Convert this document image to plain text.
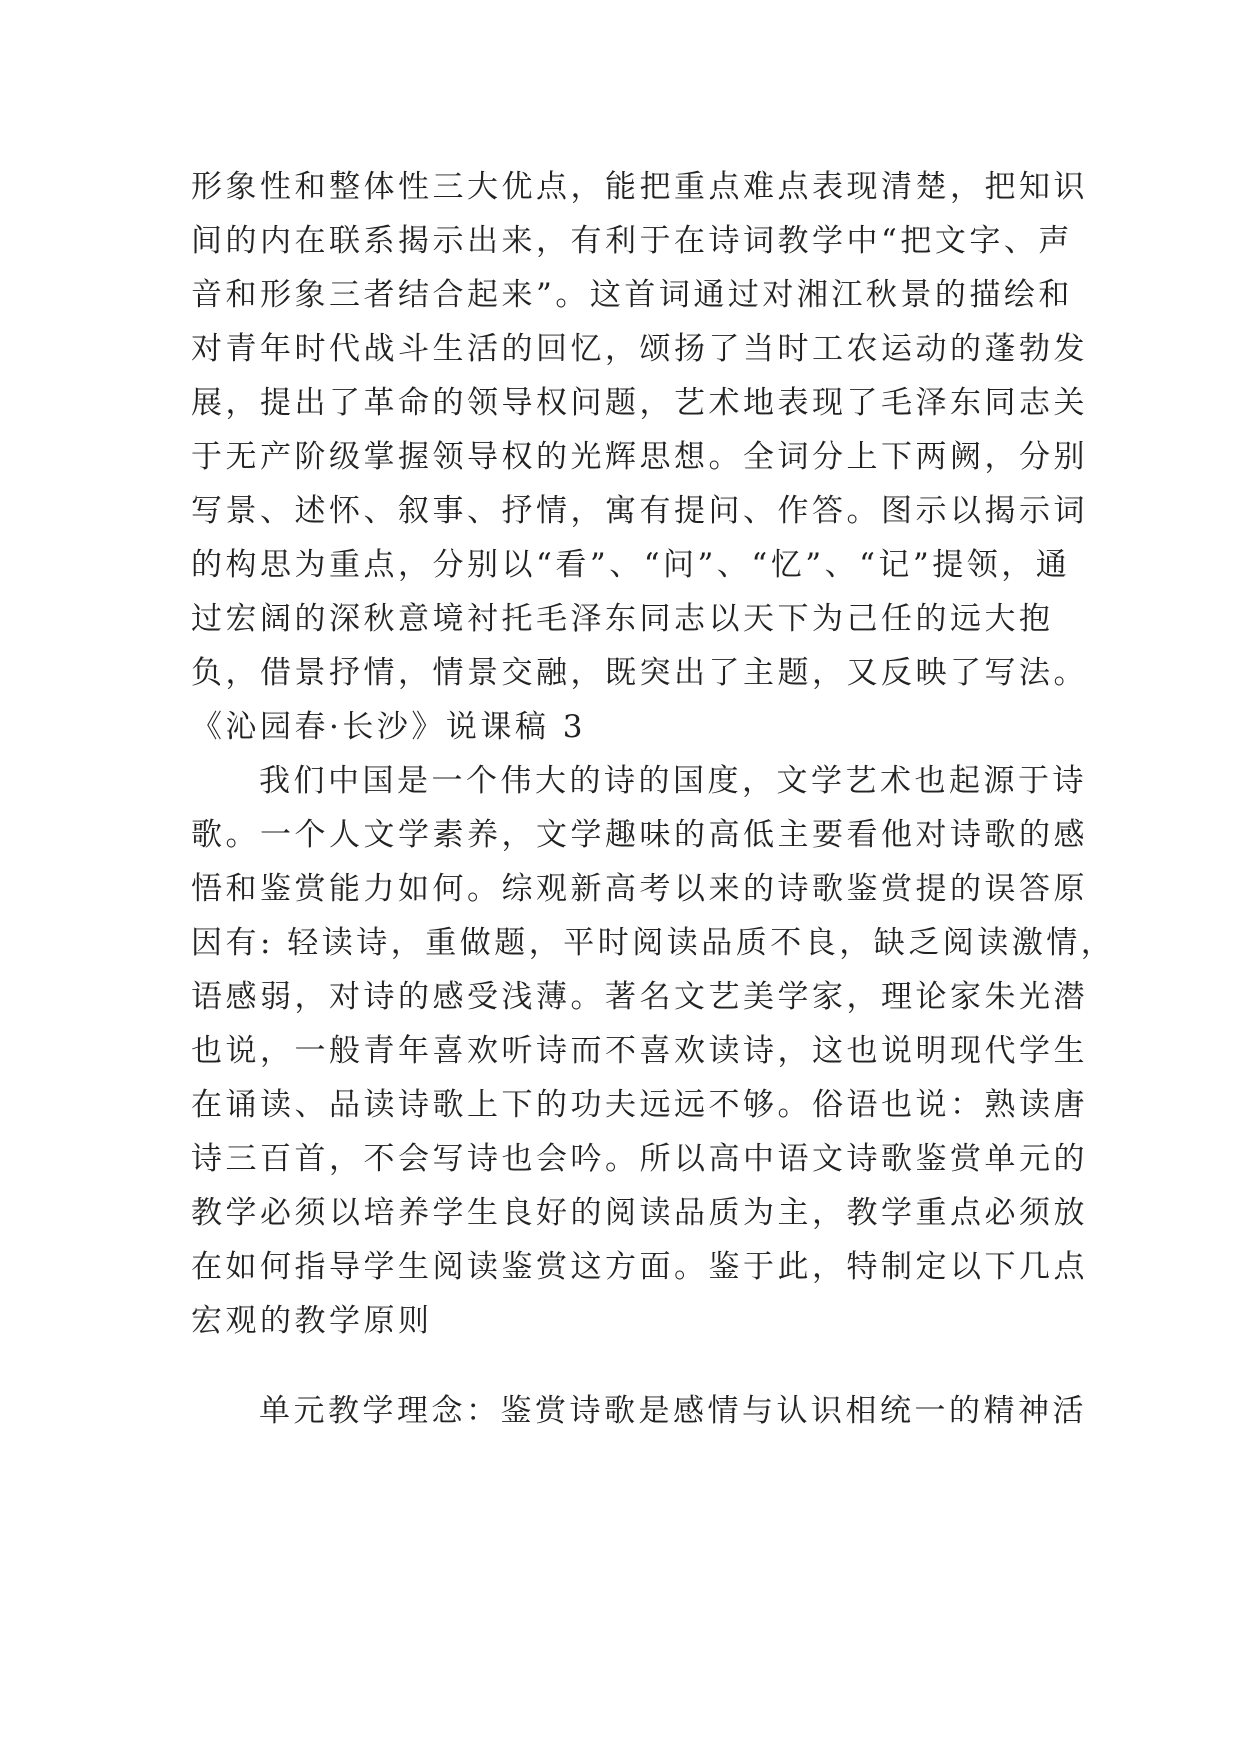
形象性和整体性三大优点，能把重点难点表现清楚，把知识
间的内在联系揭示出来，有利于在诗词教学中“把文字、声
音和形象三者结合起来”。这首词通过对湘江秋景的描绘和
对青年时代战斗生活的回忆，颂扬了当时工农运动的蓬勃发
展，提出了革命的领导权问题，艺术地表现了毛泽东同志关
于无产阶级掌握领导权的光辉思想。全词分上下两阙，分别
写景、述怀、叙事、抒情，寓有提问、作答。图示以揭示词
的构思为重点，分别以“看”、“问”、“忆”、“记”提领，通
过宏阔的深秋意境衬托毛泽东同志以天下为己任的远大抱
负，借景抒情，情景交融，既突出了主题，又反映了写法。
《沁园春·长沙》说课稿 3
我们中国是一个伟大的诗的国度，文学艺术也起源于诗
歌。一个人文学素养，文学趣味的高低主要看他对诗歌的感
悟和鉴赏能力如何。综观新高考以来的诗歌鉴赏提的误答原
因有: 轻读诗，重做题，平时阅读品质不良，缺乏阅读激情，
语感弱，对诗的感受浅薄。著名文艺美学家，理论家朱光潜
也说，一般青年喜欢听诗而不喜欢读诗，这也说明现代学生
在诵读、品读诗歌上下的功夫远远不够。俗语也说：熟读唐
诗三百首，不会写诗也会吟。所以高中语文诗歌鉴赏单元的
教学必须以培养学生良好的阅读品质为主，教学重点必须放
在如何指导学生阅读鉴赏这方面。鉴于此，特制定以下几点
宏观的教学原则
单元教学理念：鉴赏诗歌是感情与认识相统一的精神活
